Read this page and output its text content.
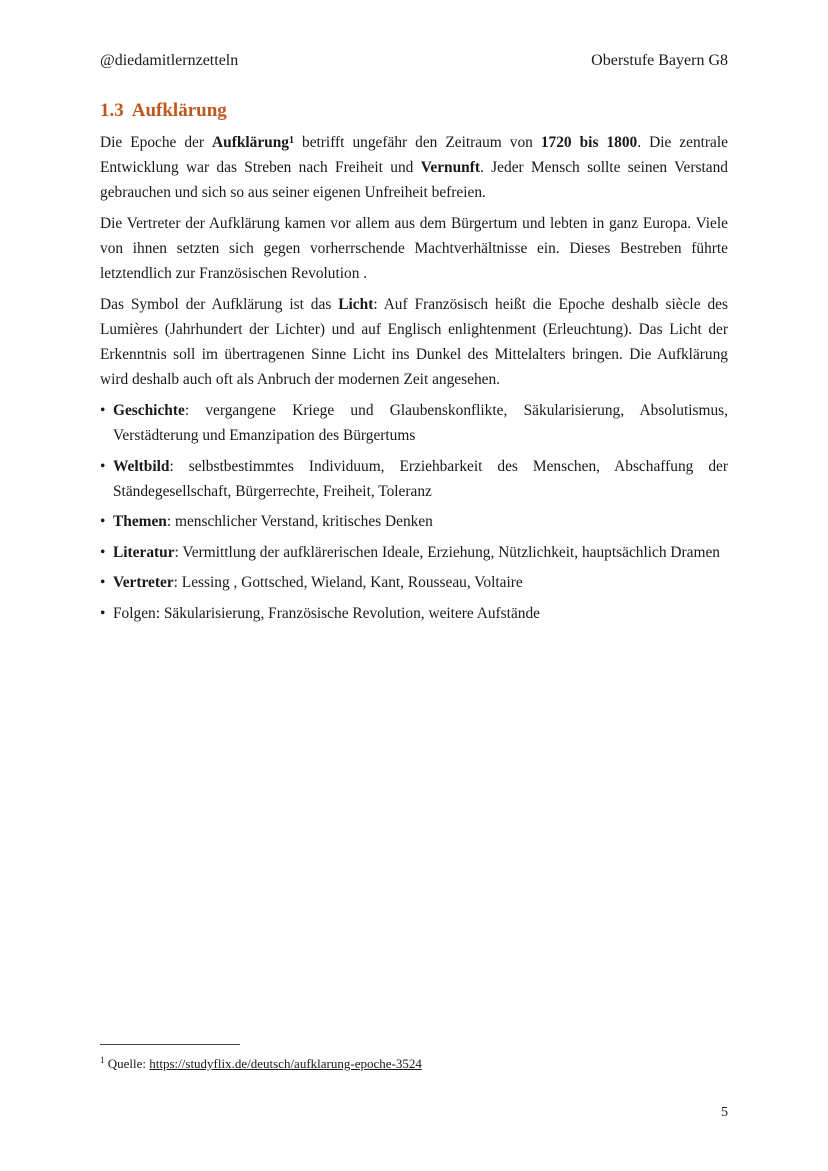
@diedamitlernzetteln	Oberstufe Bayern G8
1.3 Aufklärung

Die Epoche der Aufklärung$^1$ betrifft ungefähr den Zeitraum von 1720 bis 1800. Die zentrale Entwicklung war das Streben nach Freiheit und Vernunft. Jeder Mensch sollte seinen Verstand gebrauchen und sich so aus seiner eigenen Unfreiheit befreien.

Die Vertreter der Aufklärung kamen vor allem aus dem Bürgertum und lebten in ganz Europa. Viele von ihnen setzten sich gegen vorherrschende Machtverhältnisse ein. Dieses Bestreben führte letztendlich zur Französischen Revolution .

Das Symbol der Aufklärung ist das Licht: Auf Französisch heißt die Epoche deshalb siècle des Lumières (Jahrhundert der Lichter) und auf Englisch enlightenment (Erleuchtung). Das Licht der Erkenntnis soll im übertragenen Sinne Licht ins Dunkel des Mittelalters bringen. Die Aufklärung wird deshalb auch oft als Anbruch der modernen Zeit angesehen.

• Geschichte: vergangene Kriege und Glaubenskonflikte, Säkularisierung, Absolutismus, Verstädterung und Emanzipation des Bürgertums
• Weltbild: selbstbestimmtes Individuum, Erziehbarkeit des Menschen, Abschaffung der Ständegesellschaft, Bürgerrechte, Freiheit, Toleranz
• Themen: menschlicher Verstand, kritisches Denken
• Literatur: Vermittlung der aufklärerischen Ideale, Erziehung, Nützlichkeit, hauptsächlich Dramen
• Vertreter: Lessing , Gottsched, Wieland, Kant, Rousseau, Voltaire
• Folgen: Säkularisierung, Französische Revolution, weitere Aufstände
$^1$ Quelle: https://studyflix.de/deutsch/aufklarung-epoche-3524
5
